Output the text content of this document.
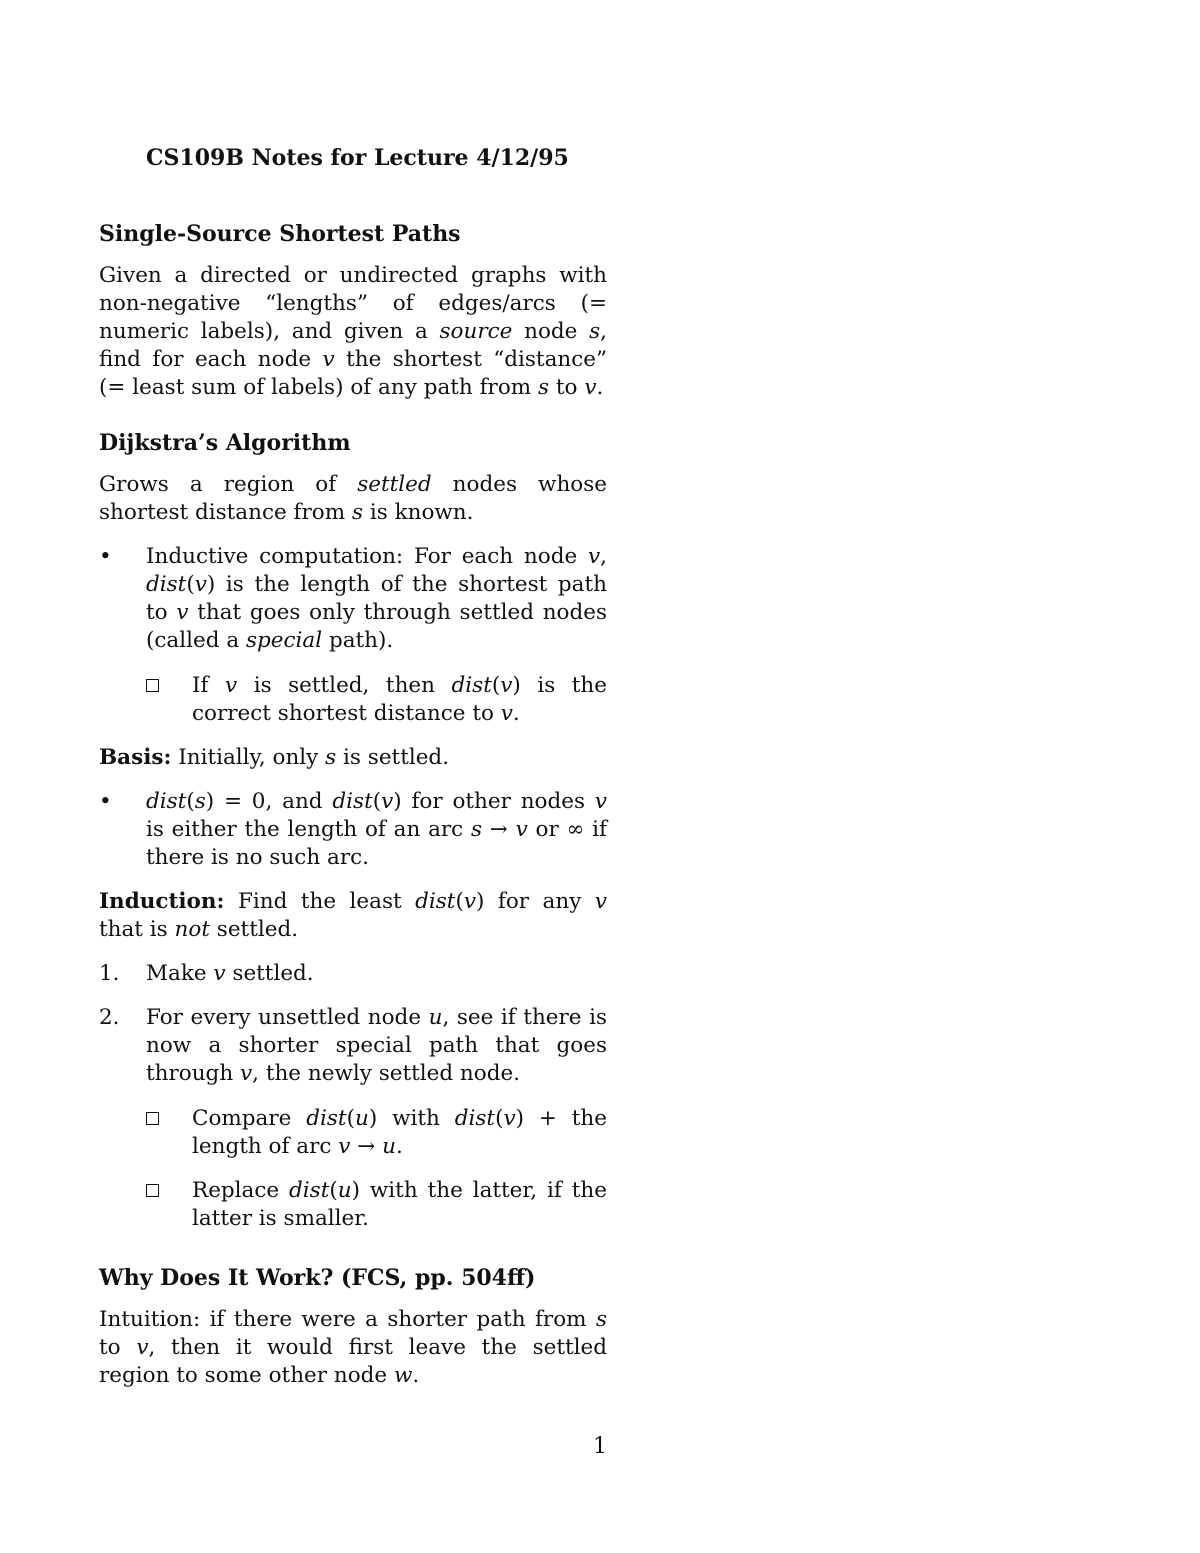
CS109B Notes for Lecture 4/12/95
Single-Source Shortest Paths

Given a directed or undirected graphs with non-negative “lengths” of edges/arcs (= numeric labels), and given a source node s, find for each node v the shortest “distance” (= least sum of labels) of any path from s to v.

Dijkstra’s Algorithm

Grows a region of settled nodes whose shortest distance from s is known.

• Inductive computation: For each node v, dist(v) is the length of the shortest path to v that goes only through settled nodes (called a special path).

If v is settled, then dist(v) is the correct shortest distance to v.

Basis: Initially, only s is settled.

• dist(s) = 0, and dist(v) for other nodes v is either the length of an arc s → v or ∞ if there is no such arc.

Induction: Find the least dist(v) for any v that is not settled.

1. Make v settled.

2. For every unsettled node u, see if there is now a shorter special path that goes through v, the newly settled node.

Compare dist(u) with dist(v) + the length of arc v → u.

Replace dist(u) with the latter, if the latter is smaller.

Why Does It Work? (FCS, pp. 504ff)

Intuition: if there were a shorter path from s to v, then it would first leave the settled region to some other node w.

1
